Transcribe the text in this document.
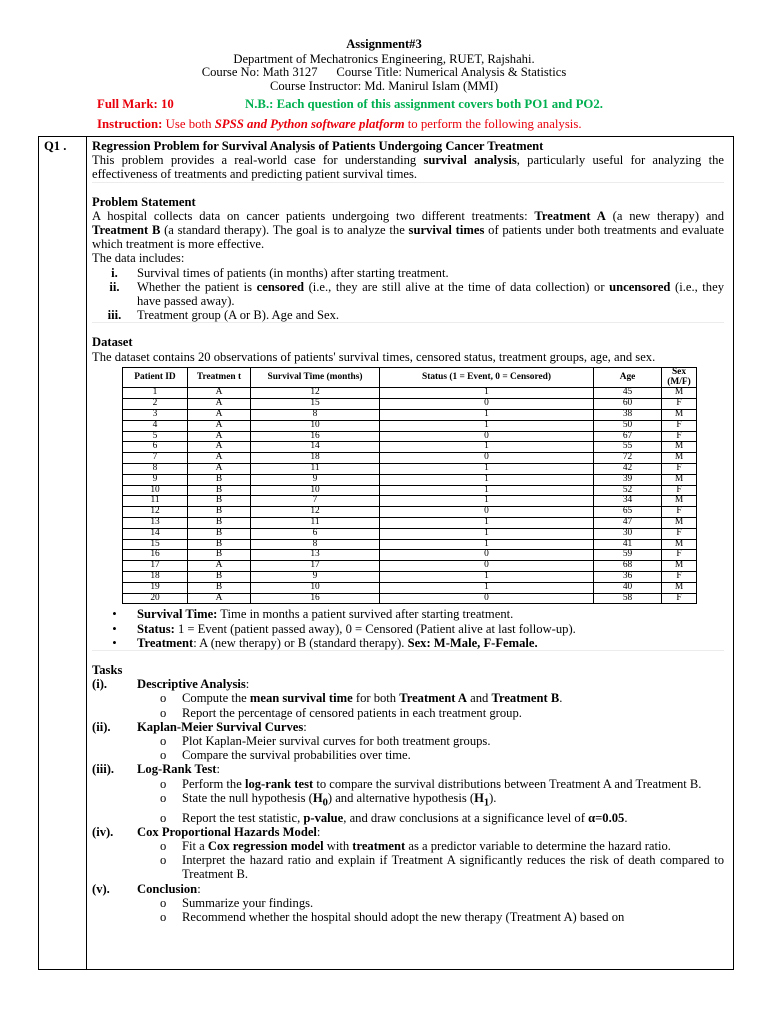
Assignment#3
Department of Mechatronics Engineering, RUET, Rajshahi.
Course No: Math 3127 Course Title: Numerical Analysis & Statistics
Course Instructor: Md. Manirul Islam (MMI)
Full Mark: 10	N.B.: Each question of this assignment covers both PO1 and PO2.
Instruction: Use both SPSS and Python software platform to perform the following analysis.
Q1 .	Regression Problem for Survival Analysis of Patients Undergoing Cancer Treatment

This problem provides a real-world case for understanding survival analysis, particularly useful for analyzing the effectiveness of treatments and predicting patient survival times.

Problem Statement

A hospital collects data on cancer patients undergoing two different treatments: Treatment A (a new therapy) and Treatment B (a standard therapy). The goal is to analyze the survival times of patients under both treatments and evaluate which treatment is more effective.

The data includes:

i.	Survival times of patients (in months) after starting treatment.
ii.	Whether the patient is censored (i.e., they are still alive at the time of data collection) or uncensored (i.e., they have passed away).
iii.	Treatment group (A or B). Age and Sex.

Dataset

The dataset contains 20 observations of patients' survival times, censored status, treatment groups, age, and sex.

Patient ID	Treatmen t	Survival Time (months)	Status (1 = Event, 0 = Censored)	Age	Sex (M/F)
1	A	12	1	45	M
2	A	15	0	60	F
3	A	8	1	38	M
4	A	10	1	50	F
5	A	16	0	67	F
6	A	14	1	55	M
7	A	18	0	72	M
8	A	11	1	42	F
9	B	9	1	39	M
10	B	10	1	52	F
11	B	7	1	34	M
12	B	12	0	65	F
13	B	11	1	47	M
14	B	6	1	30	F
15	B	8	1	41	M
16	B	13	0	59	F
17	A	17	0	68	M
18	B	9	1	36	F
19	B	10	1	40	M
20	A	16	0	58	F
•	Survival Time: Time in months a patient survived after starting treatment.
•	Status: 1 = Event (patient passed away), 0 = Censored (Patient alive at last follow-up).
•	Treatment: A (new therapy) or B (standard therapy). Sex: M-Male, F-Female.

Tasks

(i).	Descriptive Analysis :
o	Compute the mean survival time for both Treatment A and Treatment B.
o	Report the percentage of censored patients in each treatment group.
(ii).	Kaplan-Meier Survival Curves :
o	Plot Kaplan-Meier survival curves for both treatment groups.
o	Compare the survival probabilities over time.
(iii).	Log-Rank Test :
o	Perform the log-rank test to compare the survival distributions between Treatment A and Treatment B.
o	State the null hypothesis $(H_0)$ and alternative hypothesis $(H_1)$.
o	Report the test statistic, p-value, and draw conclusions at a significance level of α=0.05.
(iv).	Cox Proportional Hazards Model :
o	Fit a Cox regression model with treatment as a predictor variable to determine the hazard ratio.
o	Interpret the hazard ratio and explain if Treatment A significantly reduces the risk of death compared to Treatment B.
(v).	Conclusion :
o	Summarize your findings.
o	Recommend whether the hospital should adopt the new therapy (Treatment A) based on
